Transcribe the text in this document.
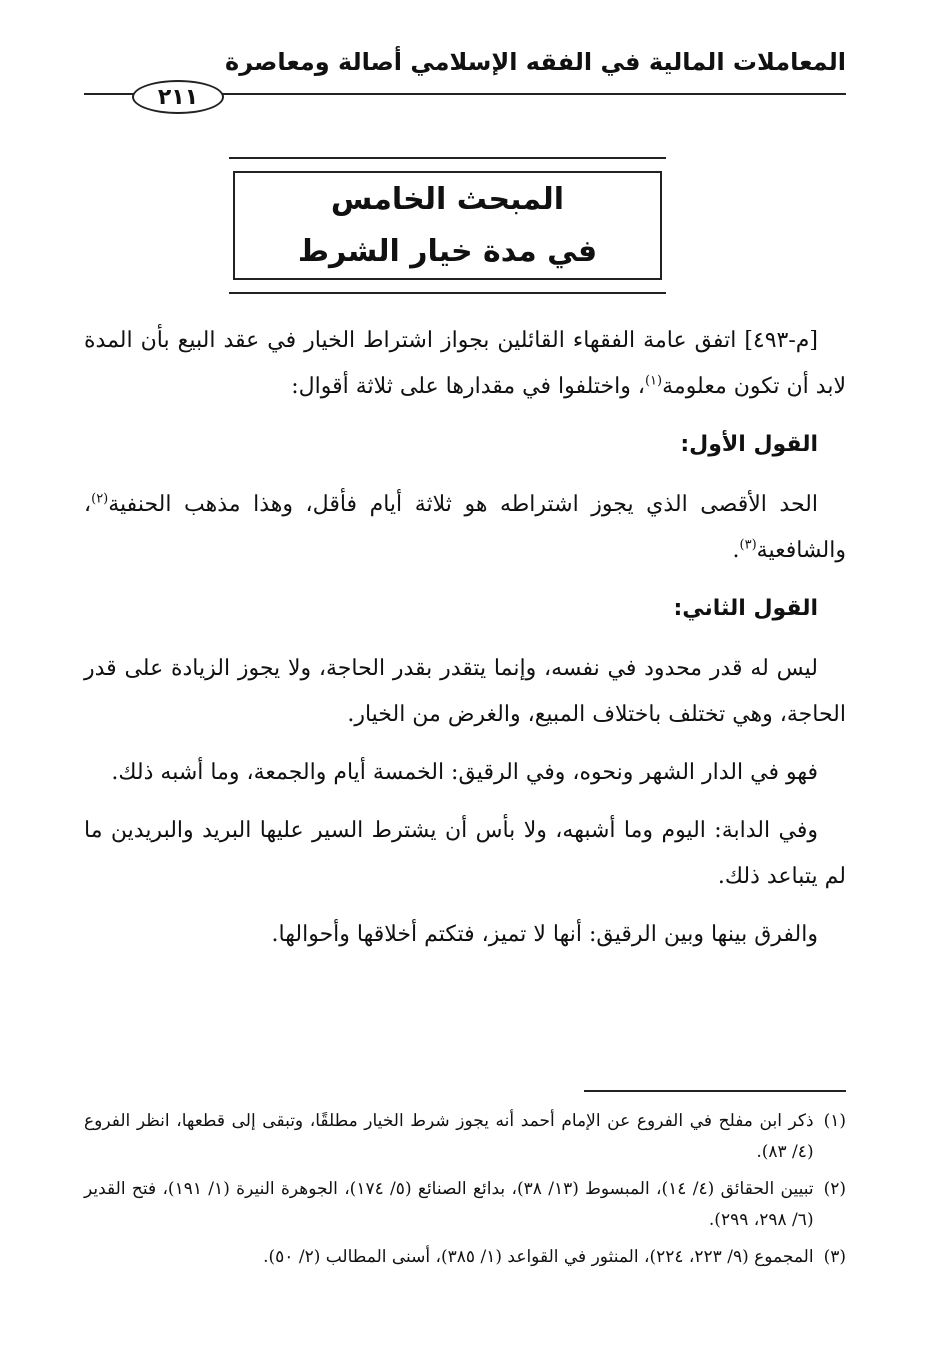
المعاملات المالية في الفقه الإسلامي أصالة ومعاصرة
٢١١
المبحث الخامس
في مدة خيار الشرط

[م-٤٩٣] اتفق عامة الفقهاء القائلين بجواز اشتراط الخيار في عقد البيع بأن المدة لابد أن تكون معلومة$^{(١)}$، واختلفوا في مقدارها على ثلاثة أقوال:

القول الأول:

الحد الأقصى الذي يجوز اشتراطه هو ثلاثة أيام فأقل، وهذا مذهب الحنفية$^{(٢)}$، والشافعية$^{(٣)}$.

القول الثاني:

ليس له قدر محدود في نفسه، وإنما يتقدر بقدر الحاجة، ولا يجوز الزيادة على قدر الحاجة، وهي تختلف باختلاف المبيع، والغرض من الخيار.

فهو في الدار الشهر ونحوه، وفي الرقيق: الخمسة أيام والجمعة، وما أشبه ذلك.

وفي الدابة: اليوم وما أشبهه، ولا بأس أن يشترط السير عليها البريد والبريدين ما لم يتباعد ذلك.

والفرق بينها وبين الرقيق: أنها لا تميز، فتكتم أخلاقها وأحوالها.

(١)
ذكر ابن مفلح في الفروع عن الإمام أحمد أنه يجوز شرط الخيار مطلقًا، وتبقى إلى قطعها، انظر الفروع (٤/ ٨٣).
(٢)
تبيين الحقائق (٤/ ١٤)، المبسوط (١٣/ ٣٨)، بدائع الصنائع (٥/ ١٧٤)، الجوهرة النيرة (١/ ١٩١)، فتح القدير (٦/ ٢٩٨، ٢٩٩).
(٣)
المجموع (٩/ ٢٢٣، ٢٢٤)، المنثور في القواعد (١/ ٣٨٥)، أسنى المطالب (٢/ ٥٠).
